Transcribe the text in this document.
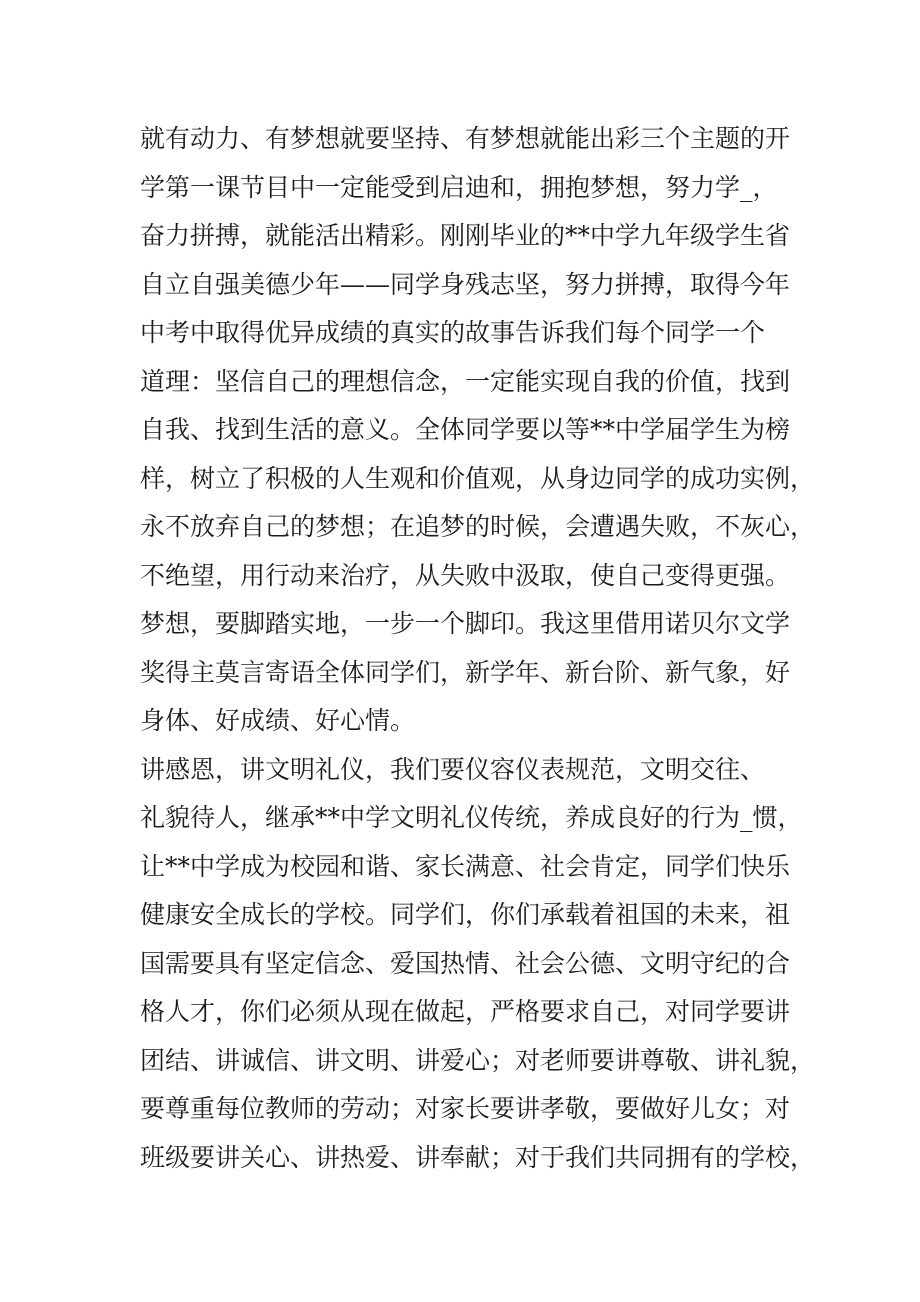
就有动力、有梦想就要坚持、有梦想就能出彩三个主题的开
学第一课节目中一定能受到启迪和，拥抱梦想，努力学_，
奋力拼搏，就能活出精彩。刚刚毕业的**中学九年级学生省
自立自强美德少年——同学身残志坚，努力拼搏，取得今年
中考中取得优异成绩的真实的故事告诉我们每个同学一个
道理：坚信自己的理想信念，一定能实现自我的价值，找到
自我、找到生活的意义。全体同学要以等**中学届学生为榜
样，树立了积极的人生观和价值观，从身边同学的成功实例，
永不放弃自己的梦想；在追梦的时候，会遭遇失败，不灰心，
不绝望，用行动来治疗，从失败中汲取，使自己变得更强。
梦想，要脚踏实地，一步一个脚印。我这里借用诺贝尔文学
奖得主莫言寄语全体同学们，新学年、新台阶、新气象，好
身体、好成绩、好心情。
讲感恩，讲文明礼仪，我们要仪容仪表规范，文明交往、
礼貌待人，继承**中学文明礼仪传统，养成良好的行为_惯，
让**中学成为校园和谐、家长满意、社会肯定，同学们快乐
健康安全成长的学校。同学们，你们承载着祖国的未来，祖
国需要具有坚定信念、爱国热情、社会公德、文明守纪的合
格人才，你们必须从现在做起，严格要求自己，对同学要讲
团结、讲诚信、讲文明、讲爱心；对老师要讲尊敬、讲礼貌，
要尊重每位教师的劳动；对家长要讲孝敬，要做好儿女；对
班级要讲关心、讲热爱、讲奉献；对于我们共同拥有的学校，
